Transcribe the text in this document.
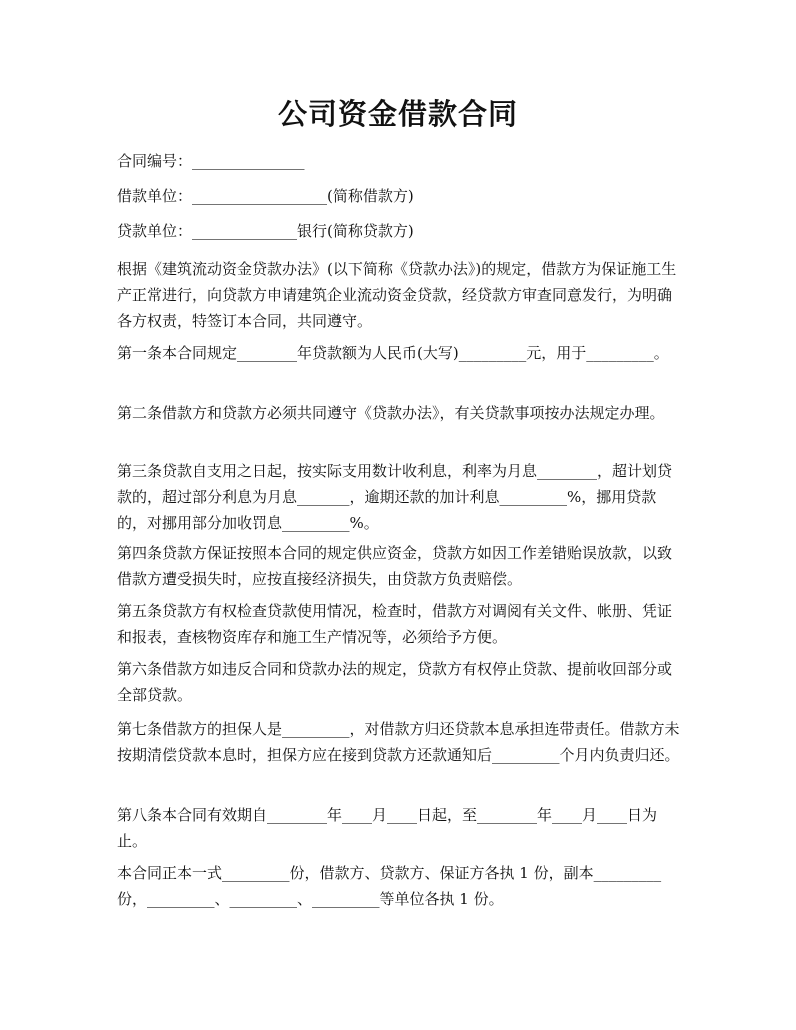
公司资金借款合同
合同编号：_______________
借款单位：__________________(简称借款方)
贷款单位：______________银行(简称贷款方)
根据《建筑流动资金贷款办法》(以下简称《贷款办法》)的规定，借款方为保证施工生产正常进行，向贷款方申请建筑企业流动资金贷款，经贷款方审查同意发行，为明确各方权责，特签订本合同，共同遵守。
第一条本合同规定________年贷款额为人民币(大写)_________元，用于_________。
第二条借款方和贷款方必须共同遵守《贷款办法》，有关贷款事项按办法规定办理。
第三条贷款自支用之日起，按实际支用数计收利息，利率为月息________，超计划贷款的，超过部分利息为月息_______，逾期还款的加计利息_________%，挪用贷款的，对挪用部分加收罚息_________%。
第四条贷款方保证按照本合同的规定供应资金，贷款方如因工作差错贻误放款，以致借款方遭受损失时，应按直接经济损失，由贷款方负责赔偿。
第五条贷款方有权检查贷款使用情况，检查时，借款方对调阅有关文件、帐册、凭证和报表，查核物资库存和施工生产情况等，必须给予方便。
第六条借款方如违反合同和贷款办法的规定，贷款方有权停止贷款、提前收回部分或全部贷款。
第七条借款方的担保人是_________，对借款方归还贷款本息承担连带责任。借款方未按期清偿贷款本息时，担保方应在接到贷款方还款通知后_________个月内负责归还。
第八条本合同有效期自________年____月____日起，至________年____月____日为止。
本合同正本一式_________份，借款方、贷款方、保证方各执 1 份，副本_________份，_________、_________、_________等单位各执 1 份。
